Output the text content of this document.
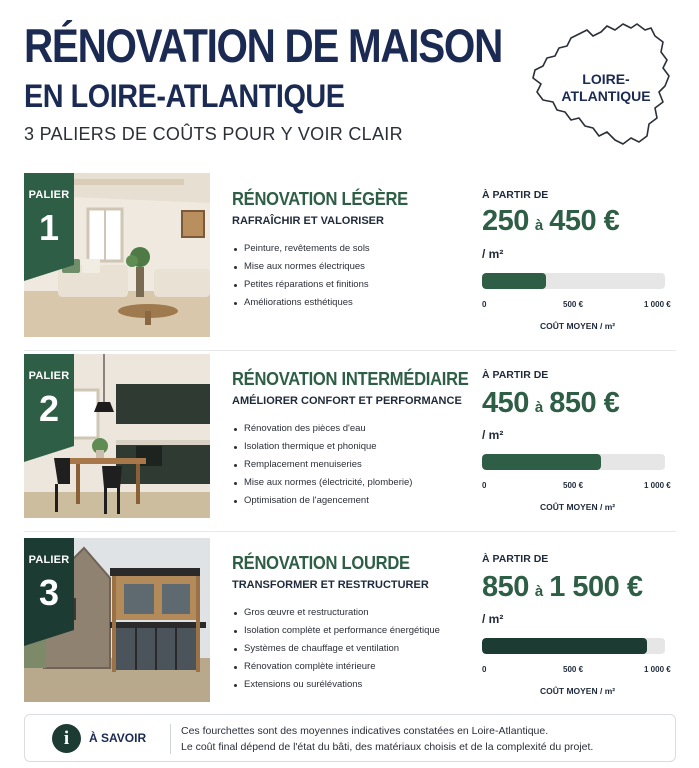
RÉNOVATION DE MAISON
EN LOIRE-ATLANTIQUE
3 PALIERS DE COÛTS POUR Y VOIR CLAIR
LOIRE-
ATLANTIQUE
PALIER
1
RÉNOVATION LÉGÈRE
RAFRAÎCHIR ET VALORISER
Peinture, revêtements de sols
Mise aux normes électriques
Petites réparations et finitions
Améliorations esthétiques
À PARTIR DE
250 à 450 €
/ m²
0	500 €	1 000 €
COÛT MOYEN / m²
PALIER
2
RÉNOVATION INTERMÉDIAIRE
AMÉLIORER CONFORT ET PERFORMANCE
Rénovation des pièces d'eau
Isolation thermique et phonique
Remplacement menuiseries
Mise aux normes (électricité, plomberie)
Optimisation de l'agencement
À PARTIR DE
450 à 850 €
/ m²
0	500 €	1 000 €
COÛT MOYEN / m²
PALIER
3
RÉNOVATION LOURDE
TRANSFORMER ET RESTRUCTURER
Gros œuvre et restructuration
Isolation complète et performance énergétique
Systèmes de chauffage et ventilation
Rénovation complète intérieure
Extensions ou surélévations
À PARTIR DE
850 à 1 500 €
/ m²
0	500 €	1 000 €
COÛT MOYEN / m²
i	À SAVOIR	Ces fourchettes sont des moyennes indicatives constatées en Loire-Atlantique.
Le coût final dépend de l'état du bâti, des matériaux choisis et de la complexité du projet.
